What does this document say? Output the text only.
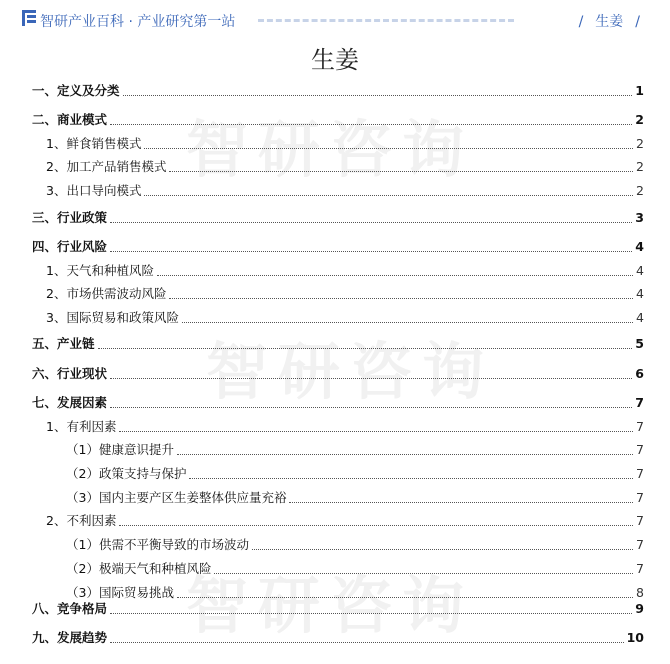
智研产业百科 · 产业研究第一站	/ 生姜 /
生姜
智研咨询
智研咨询
智研咨询
一、定义及分类	1
二、商业模式	2
1、鲜食销售模式	2
2、加工产品销售模式	2
3、出口导向模式	2
三、行业政策	3
四、行业风险	4
1、天气和种植风险	4
2、市场供需波动风险	4
3、国际贸易和政策风险	4
五、产业链	5
六、行业现状	6
七、发展因素	7
1、有利因素	7
（1）健康意识提升	7
（2）政策支持与保护	7
（3）国内主要产区生姜整体供应量充裕	7
2、不利因素	7
（1）供需不平衡导致的市场波动	7
（2）极端天气和种植风险	7
（3）国际贸易挑战	8
八、竞争格局	9
九、发展趋势	10
